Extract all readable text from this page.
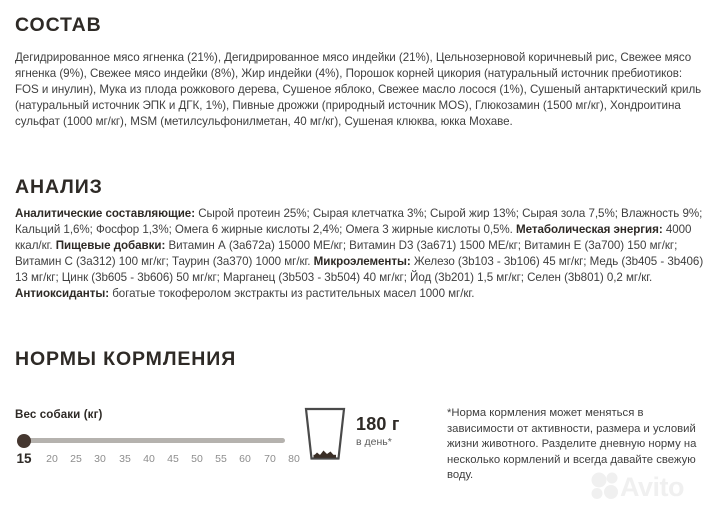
СОСТАВ
Дегидрированное мясо ягненка (21%), Дегидрированное мясо индейки (21%), Цельнозерновой коричневый рис, Свежее мясо ягненка (9%), Свежее мясо индейки (8%), Жир индейки (4%), Порошок корней цикория (натуральный источник пребиотиков: FOS и инулин), Мука из плода рожкового дерева, Сушеное яблоко, Свежее масло лосося (1%), Сушеный антарктический криль (натуральный источник ЭПК и ДГК, 1%), Пивные дрожжи (природный источник MOS), Глюкозамин (1500 мг/кг), Хондроитина сульфат (1000 мг/кг), MSM (метилсульфонилметан, 40 мг/кг), Сушеная клюква, юкка Мохаве.
АНАЛИЗ
Аналитические составляющие: Сырой протеин 25%; Сырая клетчатка 3%; Сырой жир 13%; Сырая зола 7,5%; Влажность 9%; Кальций 1,6%; Фосфор 1,3%; Омега 6 жирные кислоты 2,4%; Омега 3 жирные кислоты 0,5%. Метаболическая энергия: 4000 ккал/кг. Пищевые добавки: Витамин А (3а672а) 15000 МЕ/кг; Витамин D3 (3а671) 1500 МЕ/кг; Витамин Е (3а700) 150 мг/кг; Витамин С (3а312) 100 мг/кг; Таурин (3а370) 1000 мг/кг. Микроэлементы: Железо (3b103 - 3b106) 45 мг/кг; Медь (3b405 - 3b406) 13 мг/кг; Цинк (3b605 - 3b606) 50 мг/кг; Марганец (3b503 - 3b504) 40 мг/кг; Йод (3b201) 1,5 мг/кг; Селен (3b801) 0,2 мг/кг.
Антиоксиданты: богатые токоферолом экстракты из растительных масел 1000 мг/кг.
НОРМЫ КОРМЛЕНИЯ
Вес собаки (кг)
15 20 25 30 35 40 45 50 55 60 70 80
180 г
в день*
*Норма кормления может меняться в зависимости от активности, размера и условий жизни животного. Разделите дневную норму на несколько кормлений и всегда давайте свежую воду.	Avito
